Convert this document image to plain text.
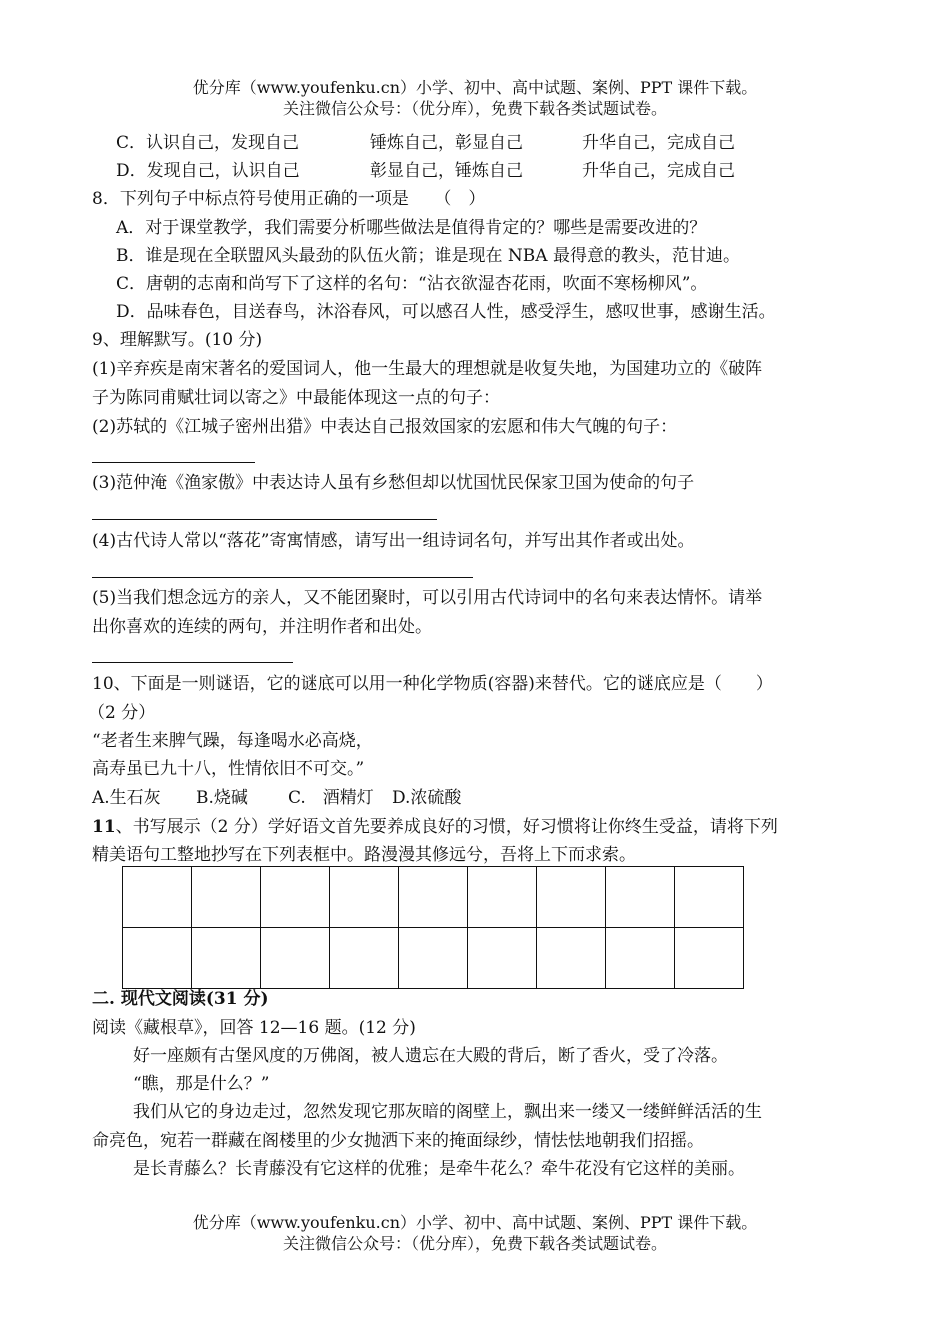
优分库（www.youfenku.cn）小学、初中、高中试题、案例、PPT 课件下载。
关注微信公众号：（优分库），免费下载各类试题试卷。
C．认识自己，发现自己	锤炼自己，彰显自己	升华自己，完成自己
D．发现自己，认识自己	彰显自己，锤炼自己	升华自己，完成自己
8．下列句子中标点符号使用正确的一项是　　（　）
A．对于课堂教学，我们需要分析哪些做法是值得肯定的？哪些是需要改进的？
B．谁是现在全联盟风头最劲的队伍火箭；谁是现在 NBA 最得意的教头，范甘迪。
C．唐朝的志南和尚写下了这样的名句：“沾衣欲湿杏花雨，吹面不寒杨柳风”。
D．品味春色，目送春鸟，沐浴春风，可以感召人性，感受浮生，感叹世事，感谢生活。
9、理解默写。(10 分)
(1)辛弃疾是南宋著名的爱国词人，他一生最大的理想就是收复失地，为国建功立的《破阵
子为陈同甫赋壮词以寄之》中最能体现这一点的句子：
(2)苏轼的《江城子密州出猎》中表达自己报效国家的宏愿和伟大气魄的句子：
(3)范仲淹《渔家傲》中表达诗人虽有乡愁但却以忧国忧民保家卫国为使命的句子
(4)古代诗人常以“落花”寄寓情感，请写出一组诗词名句，并写出其作者或出处。
(5)当我们想念远方的亲人，又不能团聚时，可以引用古代诗词中的名句来表达情怀。请举
出你喜欢的连续的两句，并注明作者和出处。
10、下面是一则谜语，它的谜底可以用一种化学物质(容器)来替代。它的谜底应是（　　）
（2 分）
“老者生来脾气躁，每逢喝水必高烧，
高寿虽已九十八，性情依旧不可交。”
A.生石灰 B.烧碱 C.　酒精灯 D.浓硫酸
11、书写展示（2 分）学好语文首先要养成良好的习惯，好习惯将让你终生受益，请将下列
精美语句工整地抄写在下列表框中。路漫漫其修远兮，吾将上下而求索。

二. 现代文阅读(31 分)
阅读《藏根草》，回答 12—16 题。(12 分)
好一座颇有古堡风度的万佛阁，被人遗忘在大殿的背后，断了香火，受了冷落。
“瞧，那是什么？”
我们从它的身边走过，忽然发现它那灰暗的阁壁上，飘出来一缕又一缕鲜鲜活活的生
命亮色，宛若一群藏在阁楼里的少女抛洒下来的掩面绿纱，情怯怯地朝我们招摇。
是长青藤么？长青藤没有它这样的优雅；是牵牛花么？牵牛花没有它这样的美丽。
优分库（www.youfenku.cn）小学、初中、高中试题、案例、PPT 课件下载。
关注微信公众号：（优分库），免费下载各类试题试卷。
